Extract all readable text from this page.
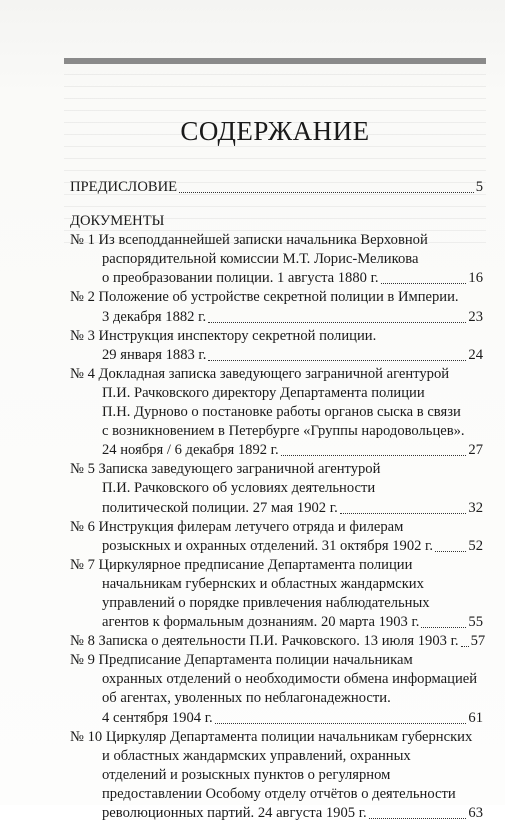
СОДЕРЖАНИЕ
ПРЕДИСЛОВИЕ	5
ДОКУМЕНТЫ
№ 1 Из всеподданнейшей записки начальника Верховной
распорядительной комиссии М.Т. Лорис-Меликова
о преобразовании полиции. 1 августа 1880 г.	16
№ 2 Положение об устройстве секретной полиции в Империи.
3 декабря 1882 г.	23
№ 3 Инструкция инспектору секретной полиции.
29 января 1883 г.	24
№ 4 Докладная записка заведующего заграничной агентурой
П.И. Рачковского директору Департамента полиции
П.Н. Дурново о постановке работы органов сыска в связи
с возникновением в Петербурге «Группы народовольцев».
24 ноября / 6 декабря 1892 г.	27
№ 5 Записка заведующего заграничной агентурой
П.И. Рачковского об условиях деятельности
политической полиции. 27 мая 1902 г.	32
№ 6 Инструкция филерам летучего отряда и филерам
розыскных и охранных отделений. 31 октября 1902 г. 52
№ 7 Циркулярное предписание Департамента полиции
начальникам губернских и областных жандармских
управлений о порядке привлечения наблюдательных
агентов к формальным дознаниям. 20 марта 1903 г.	55
№ 8 Записка о деятельности П.И. Рачковского. 13 июля 1903 г. 57
№ 9 Предписание Департамента полиции начальникам
охранных отделений о необходимости обмена информацией
об агентах, уволенных по неблагонадежности.
4 сентября 1904 г.	61
№ 10 Циркуляр Департамента полиции начальникам губернских
и областных жандармских управлений, охранных
отделений и розыскных пунктов о регулярном
предоставлении Особому отделу отчётов о деятельности
революционных партий. 24 августа 1905 г.	63
